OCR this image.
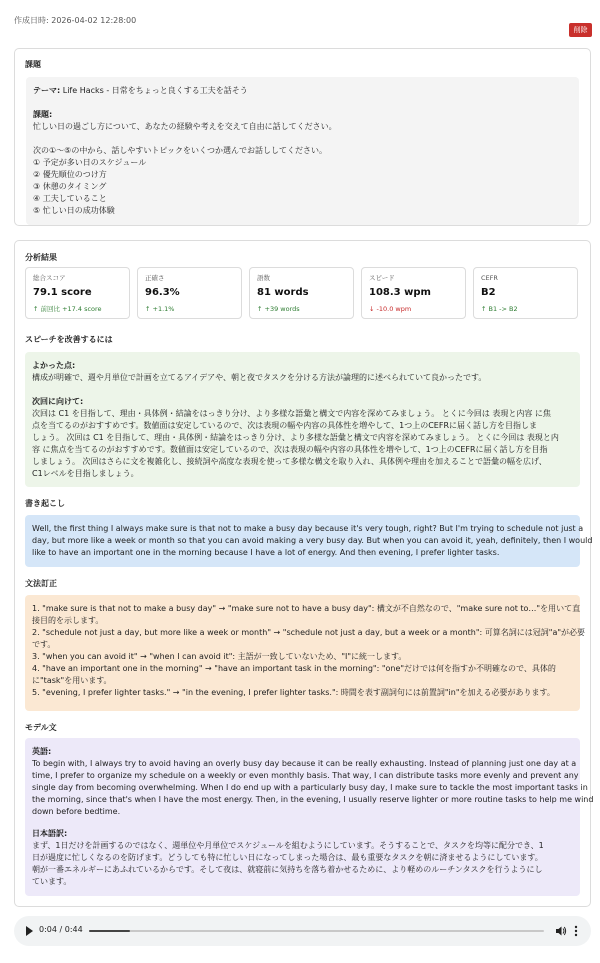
作成日時: 2026-04-02 12:28:00
削除
課題
テーマ: Life Hacks - 日常をちょっと良くする工夫を話そう
課題:
忙しい日の過ごし方について、あなたの経験や考えを交えて自由に話してください。
次の①〜⑤の中から、話しやすいトピックをいくつか選んでお話ししてください。
① 予定が多い日のスケジュール
② 優先順位のつけ方
③ 休憩のタイミング
④ 工夫していること
⑤ 忙しい日の成功体験
分析結果
総合スコア
79.1 score
↑ 前回比 +17.4 score
正確さ
96.3%
↑ +1.1%
語数
81 words
↑ +39 words
スピード
108.3 wpm
↓ -10.0 wpm
CEFR
B2
↑ B1 -> B2
スピーチを改善するには
よかった点:
構成が明確で、週や月単位で計画を立てるアイデアや、朝と夜でタスクを分ける方法が論理的に述べられていて良かったです。
次回に向けて:
次回は C1 を目指して、理由・具体例・結論をはっきり分け、より多様な語彙と構文で内容を深めてみましょう。 とくに今回は 表現と内容 に焦
点を当てるのがおすすめです。数値面は安定しているので、次は表現の幅や内容の具体性を増やして、1つ上のCEFRに届く話し方を目指しま
しょう。 次回は C1 を目指して、理由・具体例・結論をはっきり分け、より多様な語彙と構文で内容を深めてみましょう。 とくに今回は 表現と内
容 に焦点を当てるのがおすすめです。数値面は安定しているので、次は表現の幅や内容の具体性を増やして、1つ上のCEFRに届く話し方を目指
しましょう。 次回はさらに文を複雑化し、接続詞や高度な表現を使って多様な構文を取り入れ、具体例や理由を加えることで語彙の幅を広げ、
C1レベルを目指しましょう。
書き起こし
Well, the first thing I always make sure is that not to make a busy day because it's very tough, right? But I'm trying to schedule not just a
day, but more like a week or month so that you can avoid making a very busy day. But when you can avoid it, yeah, definitely, then I would
like to have an important one in the morning because I have a lot of energy. And then evening, I prefer lighter tasks.
文法訂正
1. "make sure is that not to make a busy day" → "make sure not to have a busy day": 構文が不自然なので、"make sure not to…"を用いて直
接目的を示します。
2. "schedule not just a day, but more like a week or month" → "schedule not just a day, but a week or a month": 可算名詞には冠詞"a"が必要
です。
3. "when you can avoid it" → "when I can avoid it": 主語が一致していないため、"I"に統一します。
4. "have an important one in the morning" → "have an important task in the morning": "one"だけでは何を指すか不明確なので、具体的
に"task"を用います。
5. "evening, I prefer lighter tasks." → "in the evening, I prefer lighter tasks.": 時間を表す副詞句には前置詞"in"を加える必要があります。
モデル文
英語:
To begin with, I always try to avoid having an overly busy day because it can be really exhausting. Instead of planning just one day at a
time, I prefer to organize my schedule on a weekly or even monthly basis. That way, I can distribute tasks more evenly and prevent any
single day from becoming overwhelming. When I do end up with a particularly busy day, I make sure to tackle the most important tasks in
the morning, since that's when I have the most energy. Then, in the evening, I usually reserve lighter or more routine tasks to help me wind
down before bedtime.
日本語訳:
まず、1日だけを計画するのではなく、週単位や月単位でスケジュールを組むようにしています。そうすることで、タスクを均等に配分でき、1
日が過度に忙しくなるのを防げます。どうしても特に忙しい日になってしまった場合は、最も重要なタスクを朝に済ませるようにしています。
朝が一番エネルギーにあふれているからです。そして夜は、就寝前に気持ちを落ち着かせるために、より軽めのルーチンタスクを行うようにし
ています。
0:04 / 0:44
